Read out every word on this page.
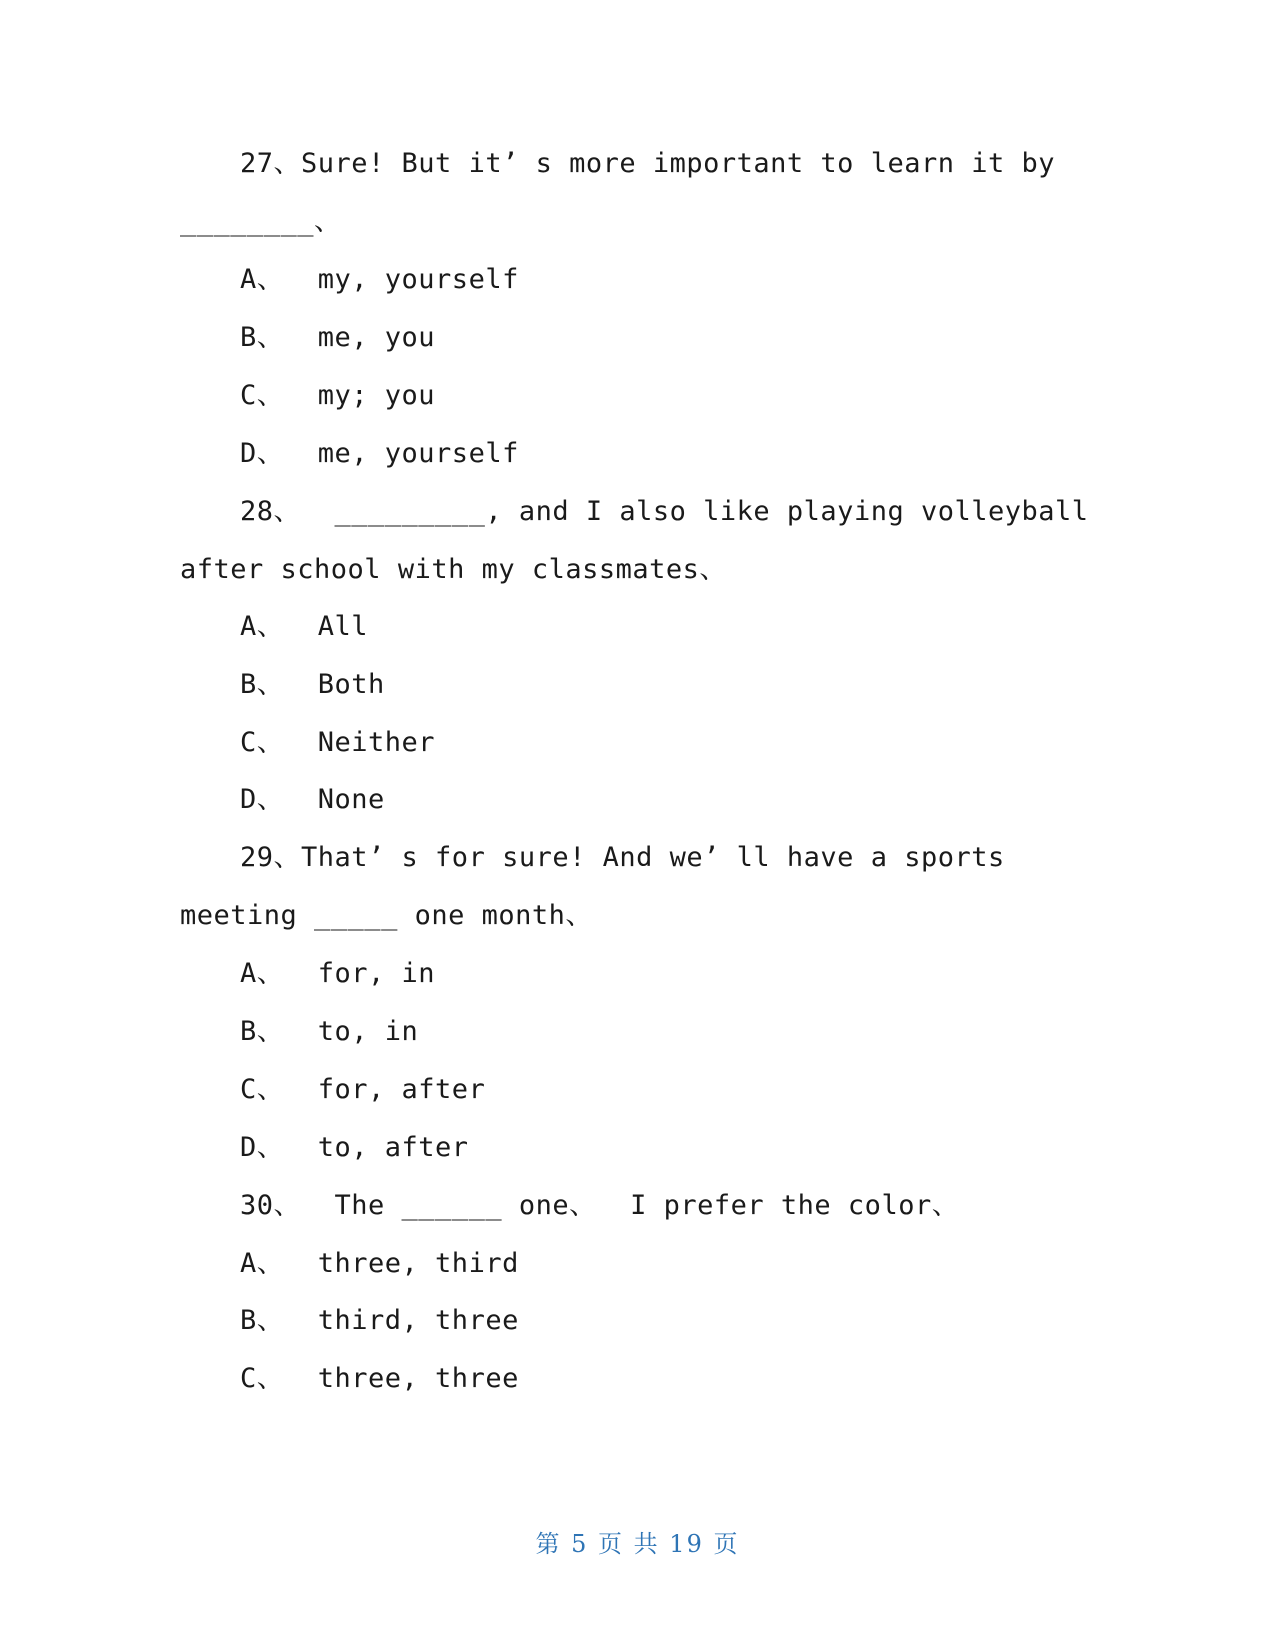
27、Sure! But it’ s more important to learn it by
________、
A、  my, yourself
B、  me, you
C、  my; you
D、  me, yourself
28、  _________, and I also like playing volleyball
after school with my classmates、
A、  All
B、  Both
C、  Neither
D、  None
29、That’ s for sure! And we’ ll have a sports
meeting _____ one month、
A、  for, in
B、  to, in
C、  for, after
D、  to, after
30、  The ______ one、  I prefer the color、
A、  three, third
B、  third, three
C、  three, three
第 5 页 共 19 页
